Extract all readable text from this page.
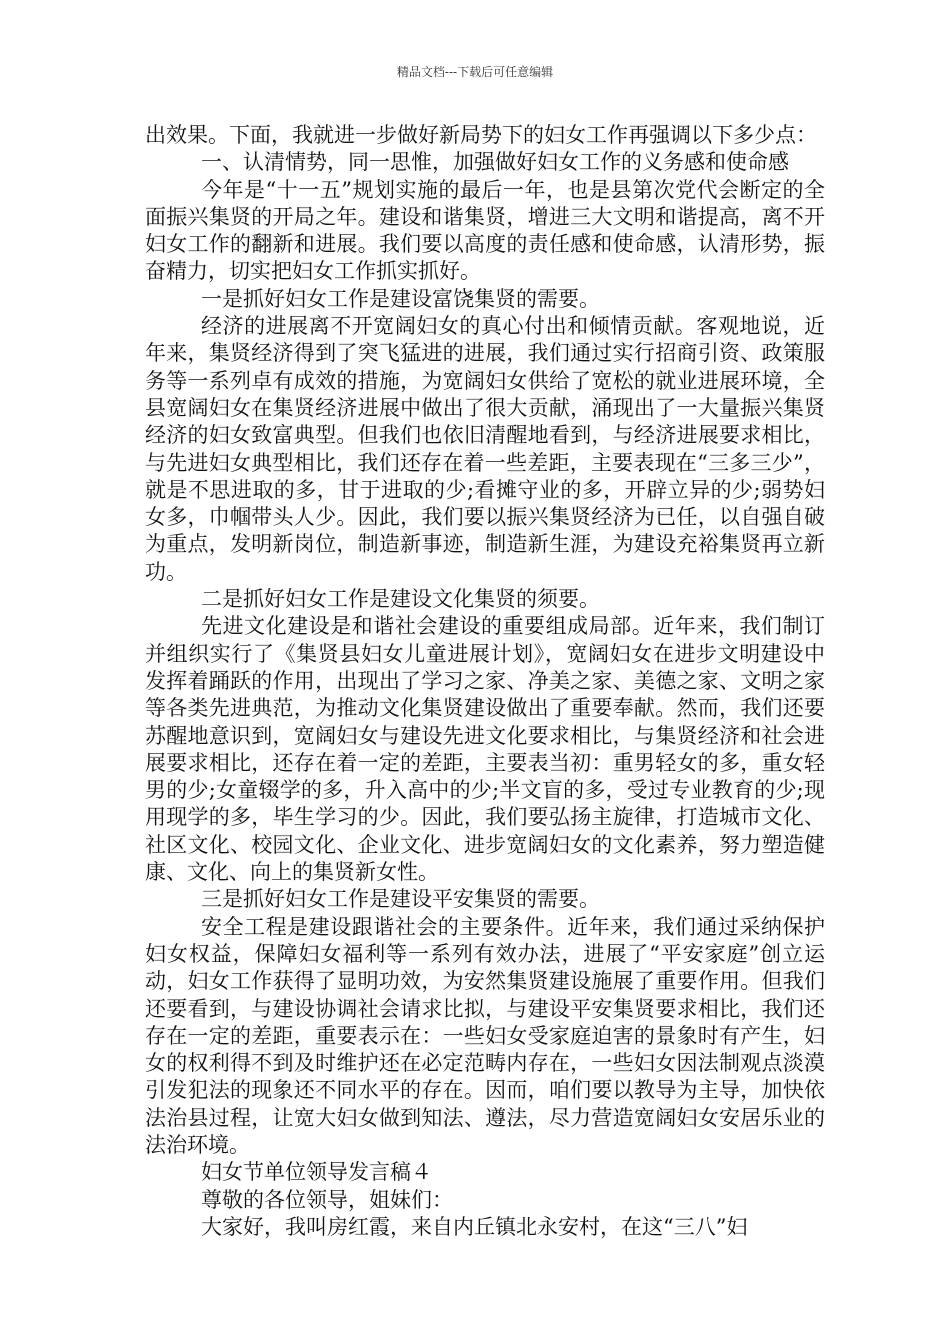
精品文档---下载后可任意编辑

出效果。下面，我就进一步做好新局势下的妇女工作再强调以下多少点：

一、认清情势，同一思惟，加强做好妇女工作的义务感和使命感

今年是“十一五”规划实施的最后一年，也是县第次党代会断定的全面振兴集贤的开局之年。建设和谐集贤，增进三大文明和谐提高，离不开妇女工作的翻新和进展。我们要以高度的责任感和使命感，认清形势，振奋精力，切实把妇女工作抓实抓好。

一是抓好妇女工作是建设富饶集贤的需要。

经济的进展离不开宽阔妇女的真心付出和倾情贡献。客观地说，近年来，集贤经济得到了突飞猛进的进展，我们通过实行招商引资、政策服务等一系列卓有成效的措施，为宽阔妇女供给了宽松的就业进展环境，全县宽阔妇女在集贤经济进展中做出了很大贡献，涌现出了一大量振兴集贤经济的妇女致富典型。但我们也依旧清醒地看到，与经济进展要求相比，与先进妇女典型相比，我们还存在着一些差距，主要表现在“三多三少”，就是不思进取的多，甘于进取的少;看摊守业的多，开辟立异的少;弱势妇女多，巾帼带头人少。因此，我们要以振兴集贤经济为已任，以自强自破为重点，发明新岗位，制造新事迹，制造新生涯，为建设充裕集贤再立新功。

二是抓好妇女工作是建设文化集贤的须要。

先进文化建设是和谐社会建设的重要组成局部。近年来，我们制订并组织实行了《集贤县妇女儿童进展计划》，宽阔妇女在进步文明建设中发挥着踊跃的作用，出现出了学习之家、净美之家、美德之家、文明之家等各类先进典范，为推动文化集贤建设做出了重要奉献。然而，我们还要苏醒地意识到，宽阔妇女与建设先进文化要求相比，与集贤经济和社会进展要求相比，还存在着一定的差距，主要表当初：重男轻女的多，重女轻男的少;女童辍学的多，升入高中的少;半文盲的多，受过专业教育的少;现用现学的多，毕生学习的少。因此，我们要弘扬主旋律，打造城市文化、社区文化、校园文化、企业文化、进步宽阔妇女的文化素养，努力塑造健康、文化、向上的集贤新女性。

三是抓好妇女工作是建设平安集贤的需要。

安全工程是建设跟谐社会的主要条件。近年来，我们通过采纳保护妇女权益，保障妇女福利等一系列有效办法，进展了“平安家庭”创立运动，妇女工作获得了显明功效，为安然集贤建设施展了重要作用。但我们还要看到，与建设协调社会请求比拟，与建设平安集贤要求相比，我们还存在一定的差距，重要表示在：一些妇女受家庭迫害的景象时有产生，妇女的权利得不到及时维护还在必定范畴内存在，一些妇女因法制观点淡漠引发犯法的现象还不同水平的存在。因而，咱们要以教导为主导，加快依法治县过程，让宽大妇女做到知法、遵法，尽力营造宽阔妇女安居乐业的法治环境。

妇女节单位领导发言稿４

尊敬的各位领导，姐妹们：

大家好，我叫房红霞，来自内丘镇北永安村，在这“三八”妇
